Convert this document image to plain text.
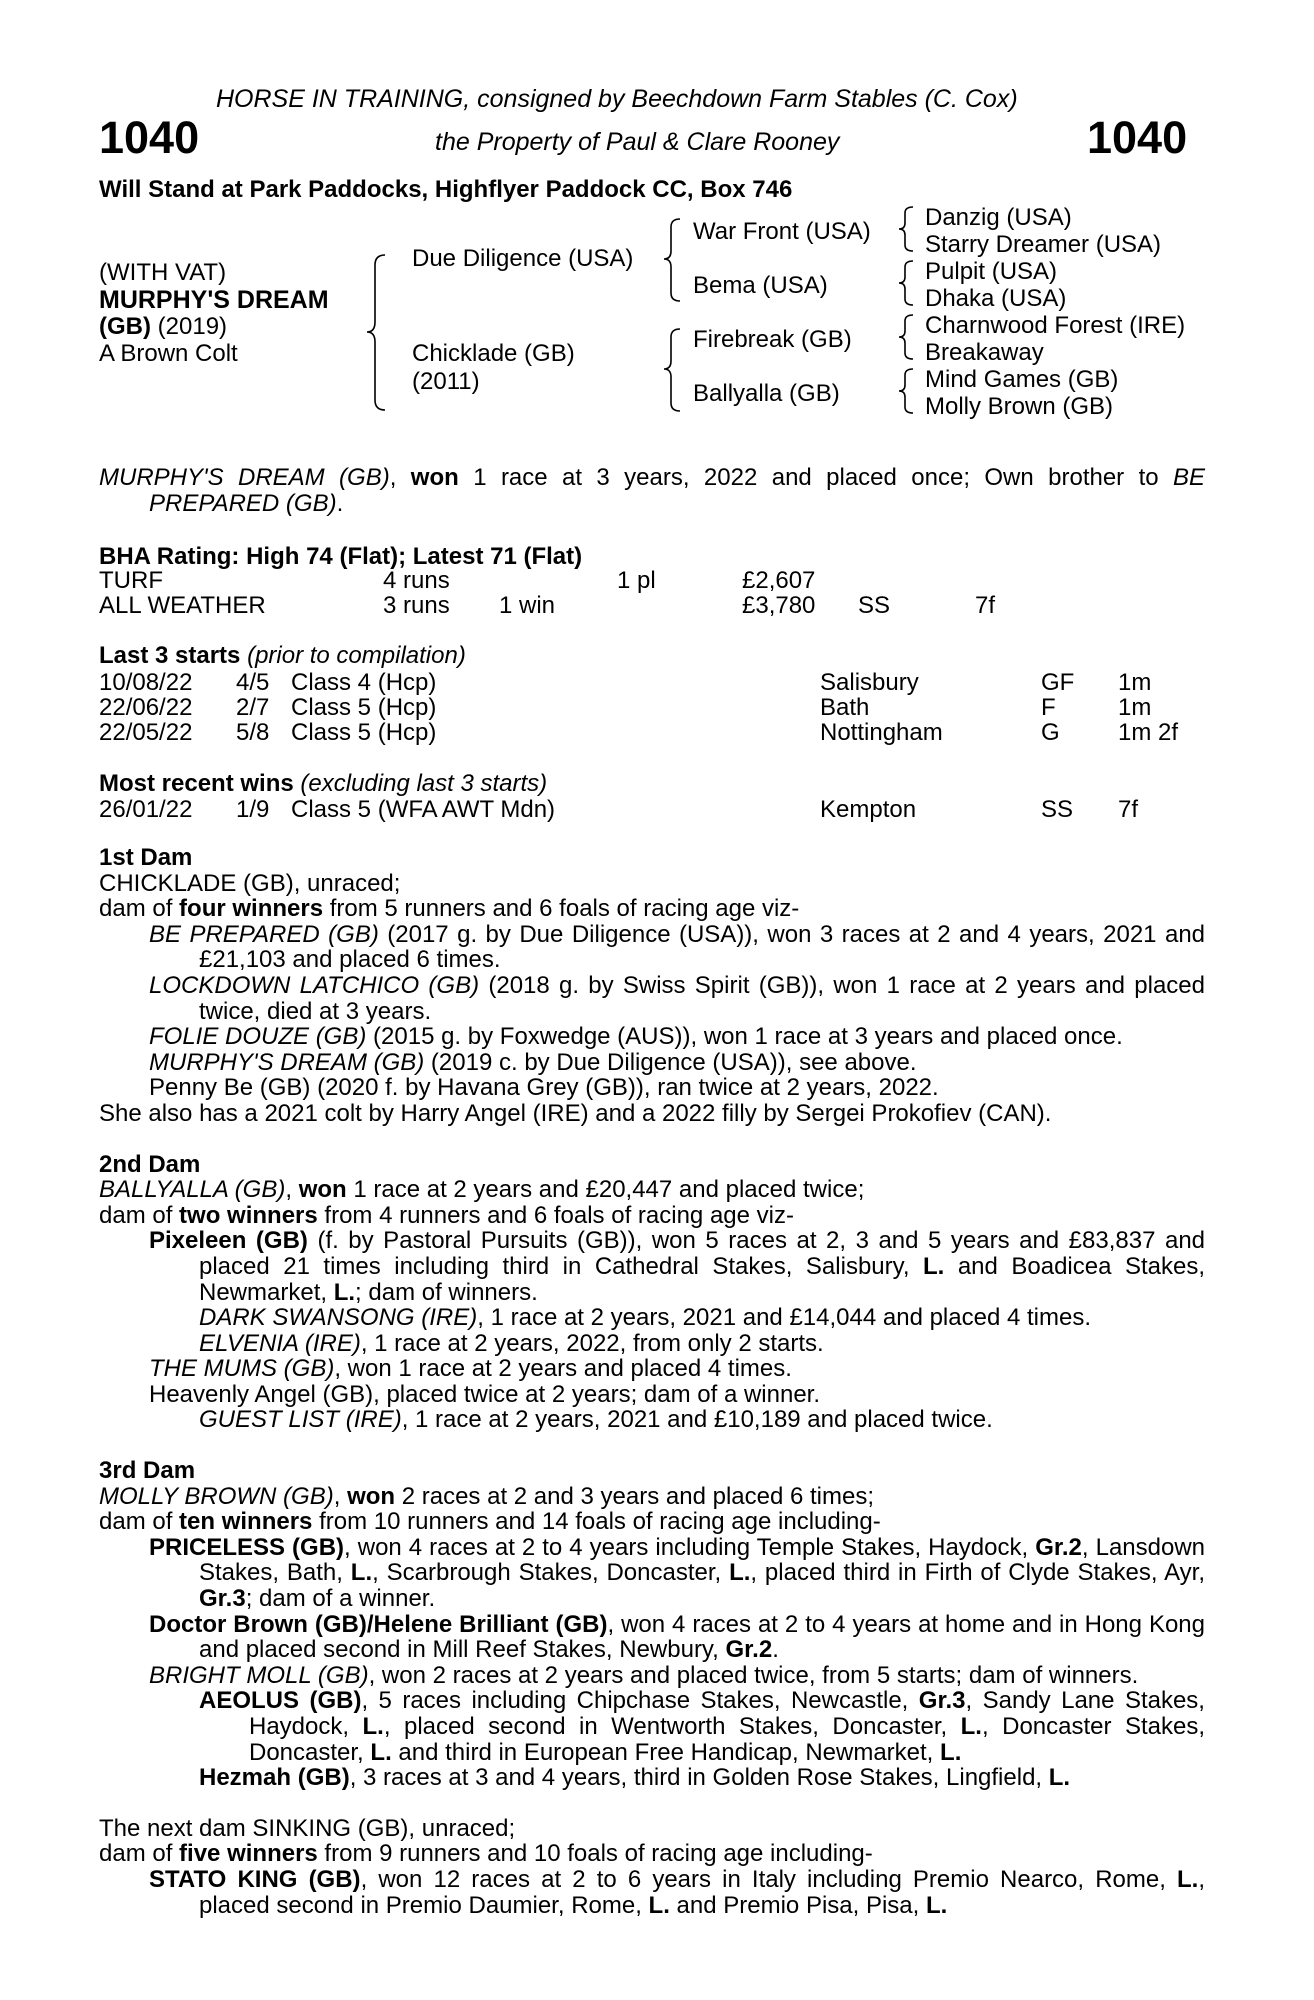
HORSE IN TRAINING, consigned by Beechdown Farm Stables (C. Cox)
1040	the Property of Paul & Clare Rooney	1040
Will Stand at Park Paddocks, Highflyer Paddock CC, Box 746
(WITH VAT)
MURPHY'S DREAM
(GB) (2019)
A Brown Colt
Due Diligence (USA)
Chicklade (GB)
(2011)
War Front (USA)
Bema (USA)
Firebreak (GB)
Ballyalla (GB)
Danzig (USA)
Starry Dreamer (USA)
Pulpit (USA)
Dhaka (USA)
Charnwood Forest (IRE)
Breakaway
Mind Games (GB)
Molly Brown (GB)

MURPHY'S DREAM (GB), won 1 race at 3 years, 2022 and placed once; Own brother to BE PREPARED (GB).

BHA Rating: High 74 (Flat); Latest 71 (Flat)
TURF	4 runs	1 pl	£2,607
ALL WEATHER	3 runs 1 win	£3,780 SS	7f
Last 3 starts (prior to compilation)
10/08/22 4/5 Class 4 (Hcp)	Salisbury	GF 1m
22/06/22 2/7 Class 5 (Hcp)	Bath	F	1m
22/05/22 5/8 Class 5 (Hcp)	Nottingham	G 1m 2f
Most recent wins (excluding last 3 starts)
26/01/22 1/9 Class 5 (WFA AWT Mdn)	Kempton	SS 7f

1st Dam

CHICKLADE (GB), unraced;

dam of four winners from 5 runners and 6 foals of racing age viz-

BE PREPARED (GB) (2017 g. by Due Diligence (USA)), won 3 races at 2 and 4 years, 2021 and £21,103 and placed 6 times.

LOCKDOWN LATCHICO (GB) (2018 g. by Swiss Spirit (GB)), won 1 race at 2 years and placed twice, died at 3 years.

FOLIE DOUZE (GB) (2015 g. by Foxwedge (AUS)), won 1 race at 3 years and placed once.

MURPHY'S DREAM (GB) (2019 c. by Due Diligence (USA)), see above.

Penny Be (GB) (2020 f. by Havana Grey (GB)), ran twice at 2 years, 2022.

She also has a 2021 colt by Harry Angel (IRE) and a 2022 filly by Sergei Prokofiev (CAN).

2nd Dam

BALLYALLA (GB), won 1 race at 2 years and £20,447 and placed twice;

dam of two winners from 4 runners and 6 foals of racing age viz-

Pixeleen (GB) (f. by Pastoral Pursuits (GB)), won 5 races at 2, 3 and 5 years and £83,837 and placed 21 times including third in Cathedral Stakes, Salisbury, L. and Boadicea Stakes, Newmarket, L.; dam of winners.

DARK SWANSONG (IRE), 1 race at 2 years, 2021 and £14,044 and placed 4 times.

ELVENIA (IRE), 1 race at 2 years, 2022, from only 2 starts.

THE MUMS (GB), won 1 race at 2 years and placed 4 times.

Heavenly Angel (GB), placed twice at 2 years; dam of a winner.

GUEST LIST (IRE), 1 race at 2 years, 2021 and £10,189 and placed twice.

3rd Dam

MOLLY BROWN (GB), won 2 races at 2 and 3 years and placed 6 times;

dam of ten winners from 10 runners and 14 foals of racing age including-

PRICELESS (GB), won 4 races at 2 to 4 years including Temple Stakes, Haydock, Gr.2, Lansdown Stakes, Bath, L., Scarbrough Stakes, Doncaster, L., placed third in Firth of Clyde Stakes, Ayr, Gr.3; dam of a winner.

Doctor Brown (GB)/Helene Brilliant (GB), won 4 races at 2 to 4 years at home and in Hong Kong and placed second in Mill Reef Stakes, Newbury, Gr.2.

BRIGHT MOLL (GB), won 2 races at 2 years and placed twice, from 5 starts; dam of winners.

AEOLUS (GB), 5 races including Chipchase Stakes, Newcastle, Gr.3, Sandy Lane Stakes, Haydock, L., placed second in Wentworth Stakes, Doncaster, L., Doncaster Stakes, Doncaster, L. and third in European Free Handicap, Newmarket, L.

Hezmah (GB), 3 races at 3 and 4 years, third in Golden Rose Stakes, Lingfield, L.

The next dam SINKING (GB), unraced;

dam of five winners from 9 runners and 10 foals of racing age including-

STATO KING (GB), won 12 races at 2 to 6 years in Italy including Premio Nearco, Rome, L., placed second in Premio Daumier, Rome, L. and Premio Pisa, Pisa, L.
